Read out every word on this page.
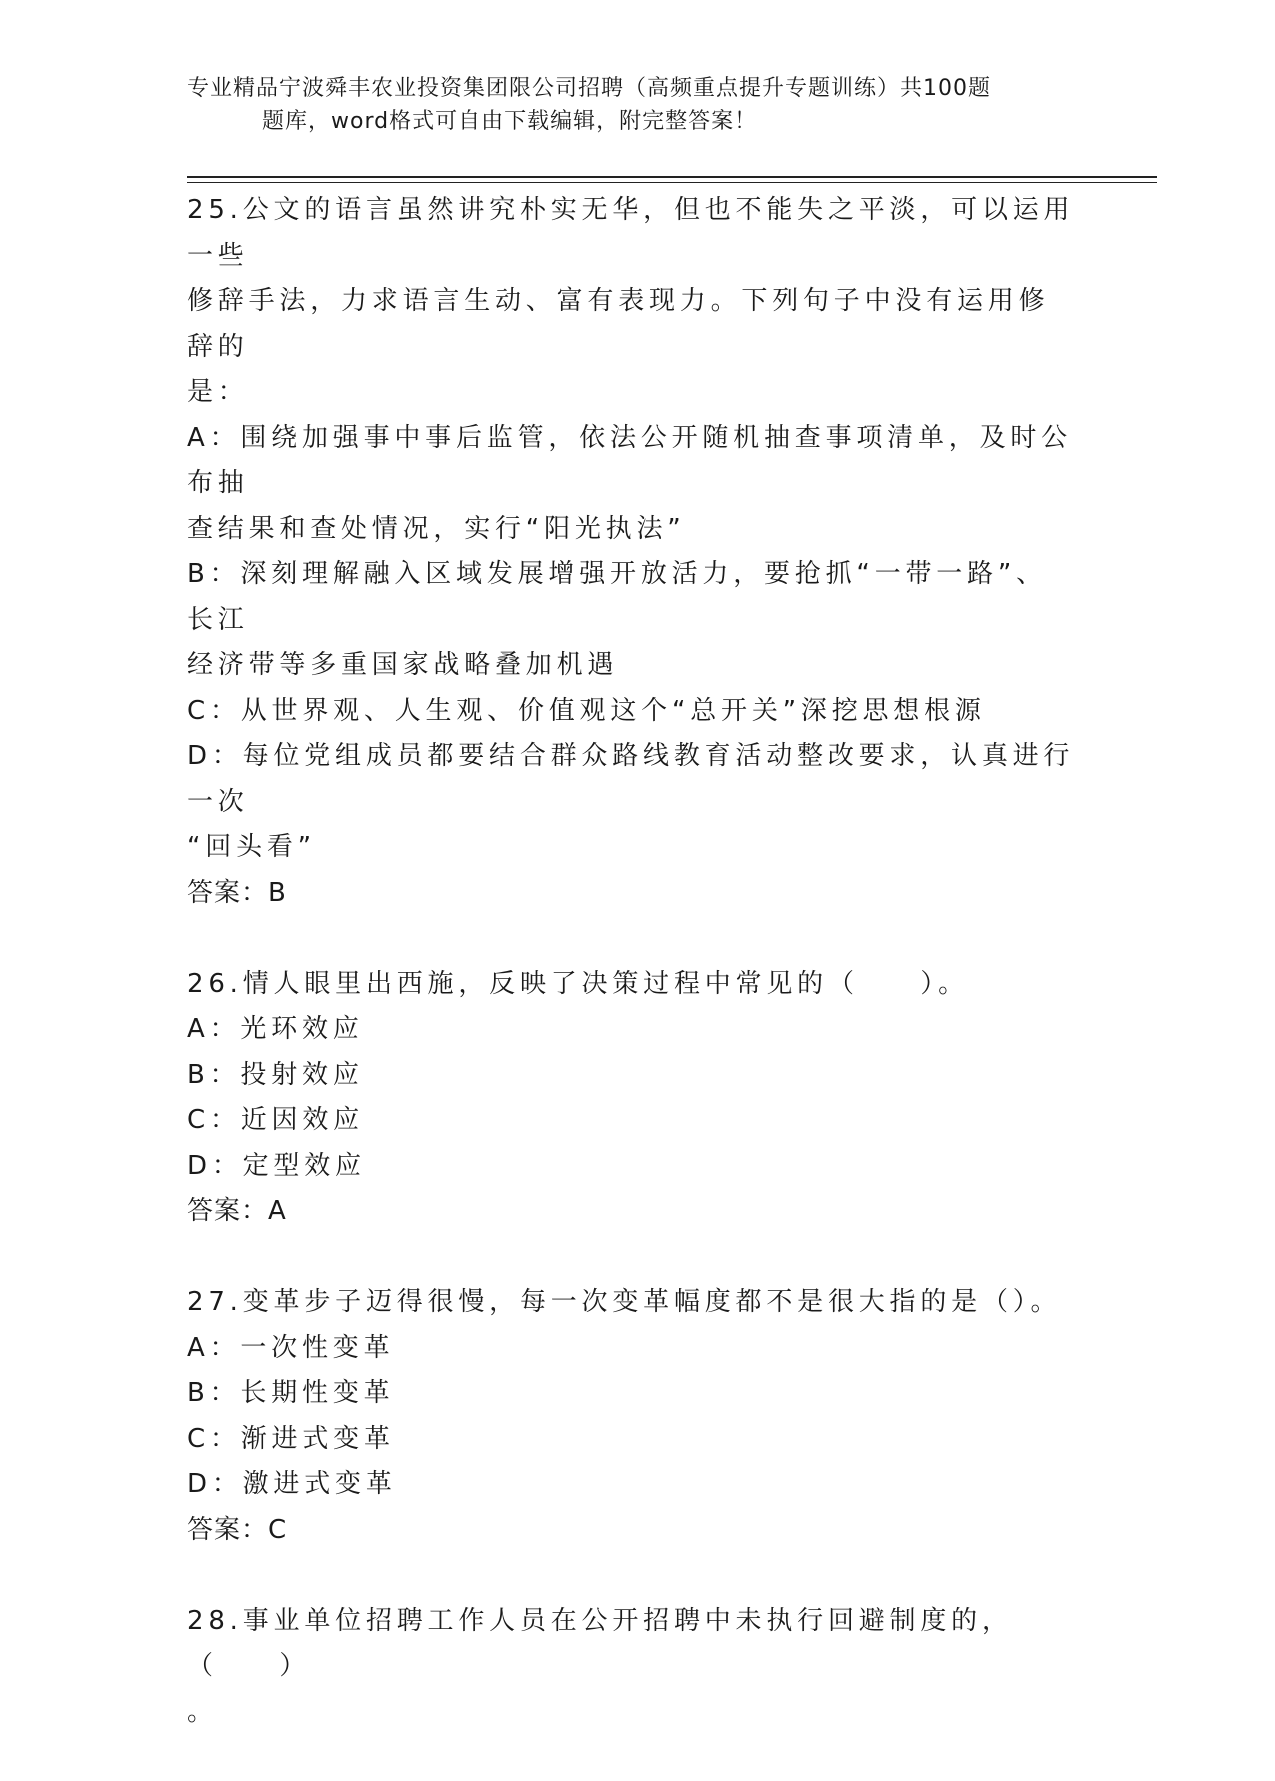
专业精品宁波舜丰农业投资集团限公司招聘（高频重点提升专题训练）共100题
题库，word格式可自由下载编辑，附完整答案！

25.公文的语言虽然讲究朴实无华，但也不能失之平淡，可以运用一些

修辞手法，力求语言生动、富有表现力。下列句子中没有运用修辞的

是：

A：围绕加强事中事后监管，依法公开随机抽查事项清单，及时公布抽

查结果和查处情况，实行“阳光执法”

B：深刻理解融入区域发展增强开放活力，要抢抓“一带一路”、长江

经济带等多重国家战略叠加机遇

C：从世界观、人生观、价值观这个“总开关”深挖思想根源

D：每位党组成员都要结合群众路线教育活动整改要求，认真进行一次

“回头看”

答案：B

26.情人眼里出西施，反映了决策过程中常见的（　　）。

A：光环效应

B：投射效应

C：近因效应

D：定型效应

答案：A

27.变革步子迈得很慢，每一次变革幅度都不是很大指的是（）。

A：一次性变革

B：长期性变革

C：渐进式变革

D：激进式变革

答案：C

28.事业单位招聘工作人员在公开招聘中未执行回避制度的，（　　）

。
